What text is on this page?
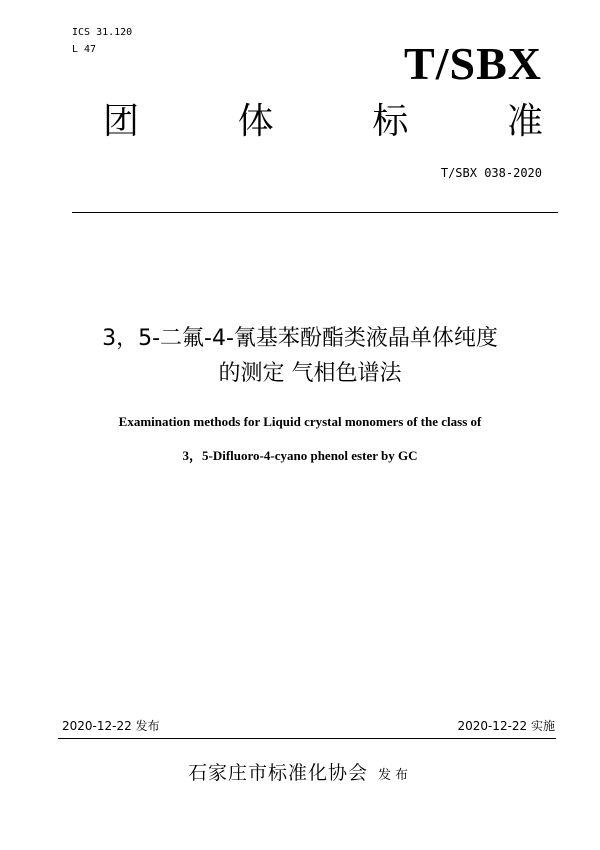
ICS 31.120
L 47	T/SBX
团	体	标	准
T/SBX 038-2020
3，5-二氟-4-氰基苯酚酯类液晶单体纯度
的测定 气相色谱法
Examination methods for Liquid crystal monomers of the class of
3，5-Difluoro-4-cyano phenol ester by GC
2020-12-22 发布	2020-12-22 实施
石家庄市标准化协会 发布
